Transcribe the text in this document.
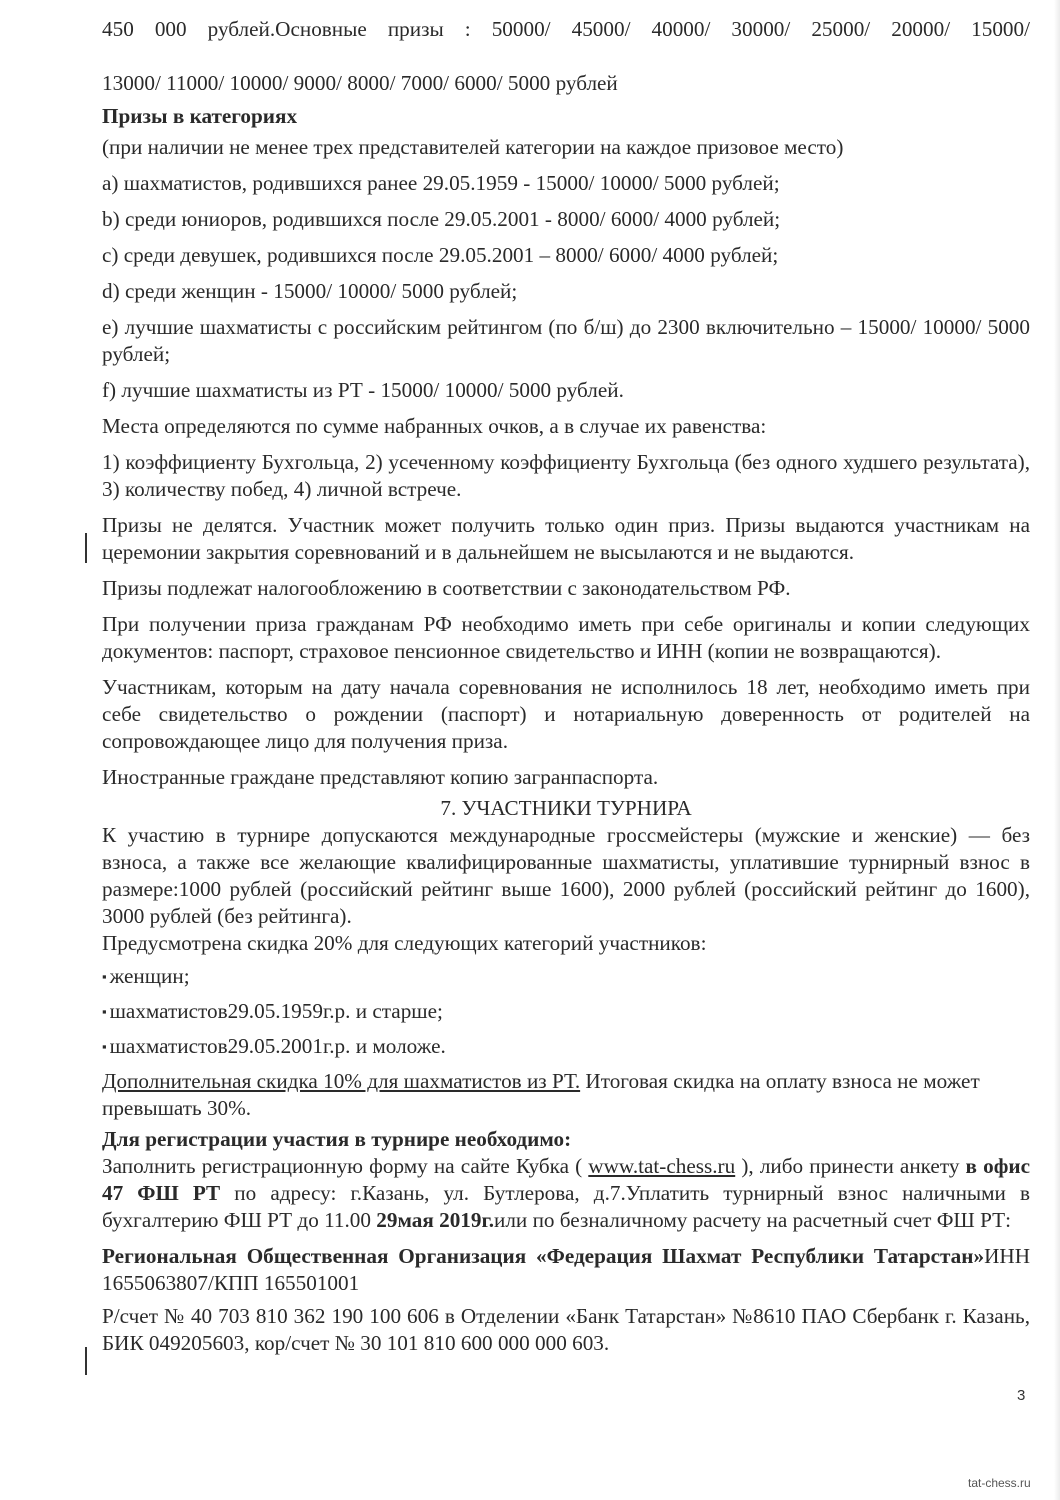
450 000 рублей.Основные призы : 50000/ 45000/ 40000/ 30000/ 25000/ 20000/ 15000/

13000/ 11000/ 10000/ 9000/ 8000/ 7000/ 6000/ 5000 рублей

Призы в категориях

(при наличии не менее трех представителей категории на каждое призовое место)

а) шахматистов, родившихся ранее 29.05.1959 - 15000/ 10000/ 5000 рублей;

b) среди юниоров, родившихся после 29.05.2001 - 8000/ 6000/ 4000 рублей;

с) среди девушек, родившихся после 29.05.2001 – 8000/ 6000/ 4000 рублей;

d) среди женщин - 15000/ 10000/ 5000 рублей;

е) лучшие шахматисты с российским рейтингом (по б/ш) до 2300 включительно – 15000/ 10000/ 5000 рублей;

f) лучшие шахматисты из РТ - 15000/ 10000/ 5000 рублей.

Места определяются по сумме набранных очков, а в случае их равенства:

1) коэффициенту Бухгольца, 2) усеченному коэффициенту Бухгольца (без одного худшего результата), 3) количеству побед, 4) личной встрече.

Призы не делятся. Участник может получить только один приз. Призы выдаются участникам на церемонии закрытия соревнований и в дальнейшем не высылаются и не выдаются.

Призы подлежат налогообложению в соответствии с законодательством РФ.

При получении приза гражданам РФ необходимо иметь при себе оригиналы и копии следующих документов: паспорт, страховое пенсионное свидетельство и ИНН (копии не возвращаются).

Участникам, которым на дату начала соревнования не исполнилось 18 лет, необходимо иметь при себе свидетельство о рождении (паспорт) и нотариальную доверенность от родителей на сопровождающее лицо для получения приза.

Иностранные граждане представляют копию загранпаспорта.

7. УЧАСТНИКИ ТУРНИРА

К участию в турнире допускаются международные гроссмейстеры (мужские и женские) — без взноса, а также все желающие квалифицированные шахматисты, уплатившие турнирный взнос в размере:1000 рублей (российский рейтинг выше 1600), 2000 рублей (российский рейтинг до 1600), 3000 рублей (без рейтинга).

Предусмотрена скидка 20% для следующих категорий участников:

▪ женщин;
▪ шахматистов29.05.1959г.р. и старше;
▪ шахматистов29.05.2001г.р. и моложе.

Дополнительная скидка 10% для шахматистов из РТ. Итоговая скидка на оплату взноса не может превышать 30%.

Для регистрации участия в турнире необходимо:

Заполнить регистрационную форму на сайте Кубка ( www.tat-chess.ru ), либо принести анкету в офис 47 ФШ РТ по адресу: г.Казань, ул. Бутлерова, д.7.Уплатить турнирный взнос наличными в бухгалтерию ФШ РТ до 11.00 29мая 2019г.или по безналичному расчету на расчетный счет ФШ РТ:

Региональная Общественная Организация «Федерация Шахмат Республики Татарстан»ИНН 1655063807/КПП 165501001

Р/счет № 40 703 810 362 190 100 606 в Отделении «Банк Татарстан» №8610 ПАО Сбербанк г. Казань, БИК 049205603, кор/счет № 30 101 810 600 000 000 603.

3
tat-chess.ru
